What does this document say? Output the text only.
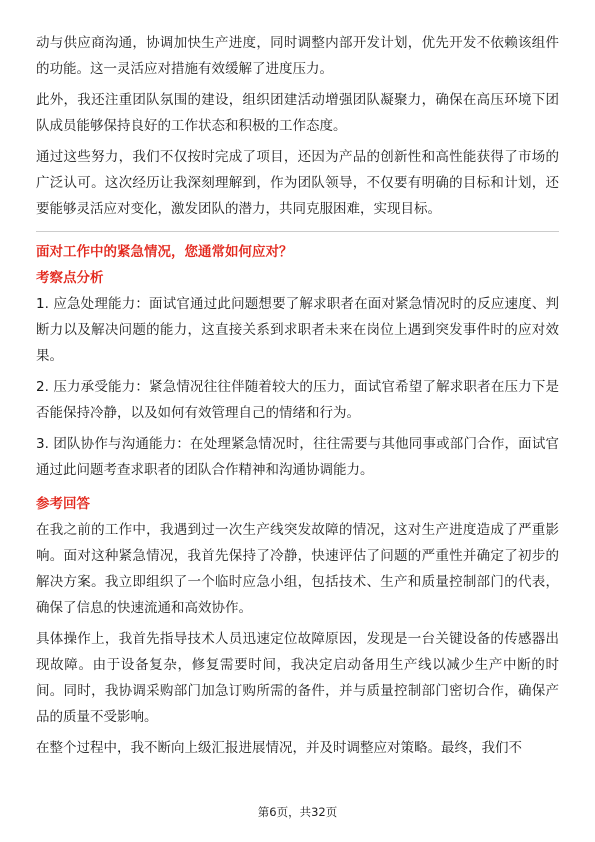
动与供应商沟通，协调加快生产进度，同时调整内部开发计划，优先开发不依赖该组件的功能。这一灵活应对措施有效缓解了进度压力。

此外，我还注重团队氛围的建设，组织团建活动增强团队凝聚力，确保在高压环境下团队成员能够保持良好的工作状态和积极的工作态度。

通过这些努力，我们不仅按时完成了项目，还因为产品的创新性和高性能获得了市场的广泛认可。这次经历让我深刻理解到，作为团队领导，不仅要有明确的目标和计划，还要能够灵活应对变化，激发团队的潜力，共同克服困难，实现目标。

面对工作中的紧急情况，您通常如何应对？
考察点分析

1. 应急处理能力：面试官通过此问题想要了解求职者在面对紧急情况时的反应速度、判断力以及解决问题的能力，这直接关系到求职者未来在岗位上遇到突发事件时的应对效果。

2. 压力承受能力：紧急情况往往伴随着较大的压力，面试官希望了解求职者在压力下是否能保持冷静，以及如何有效管理自己的情绪和行为。

3. 团队协作与沟通能力：在处理紧急情况时，往往需要与其他同事或部门合作，面试官通过此问题考查求职者的团队合作精神和沟通协调能力。

参考回答

在我之前的工作中，我遇到过一次生产线突发故障的情况，这对生产进度造成了严重影响。面对这种紧急情况，我首先保持了冷静，快速评估了问题的严重性并确定了初步的解决方案。我立即组织了一个临时应急小组，包括技术、生产和质量控制部门的代表，确保了信息的快速流通和高效协作。

具体操作上，我首先指导技术人员迅速定位故障原因，发现是一台关键设备的传感器出现故障。由于设备复杂，修复需要时间，我决定启动备用生产线以减少生产中断的时间。同时，我协调采购部门加急订购所需的备件，并与质量控制部门密切合作，确保产品的质量不受影响。

在整个过程中，我不断向上级汇报进展情况，并及时调整应对策略。最终，我们不

第6页，共32页
